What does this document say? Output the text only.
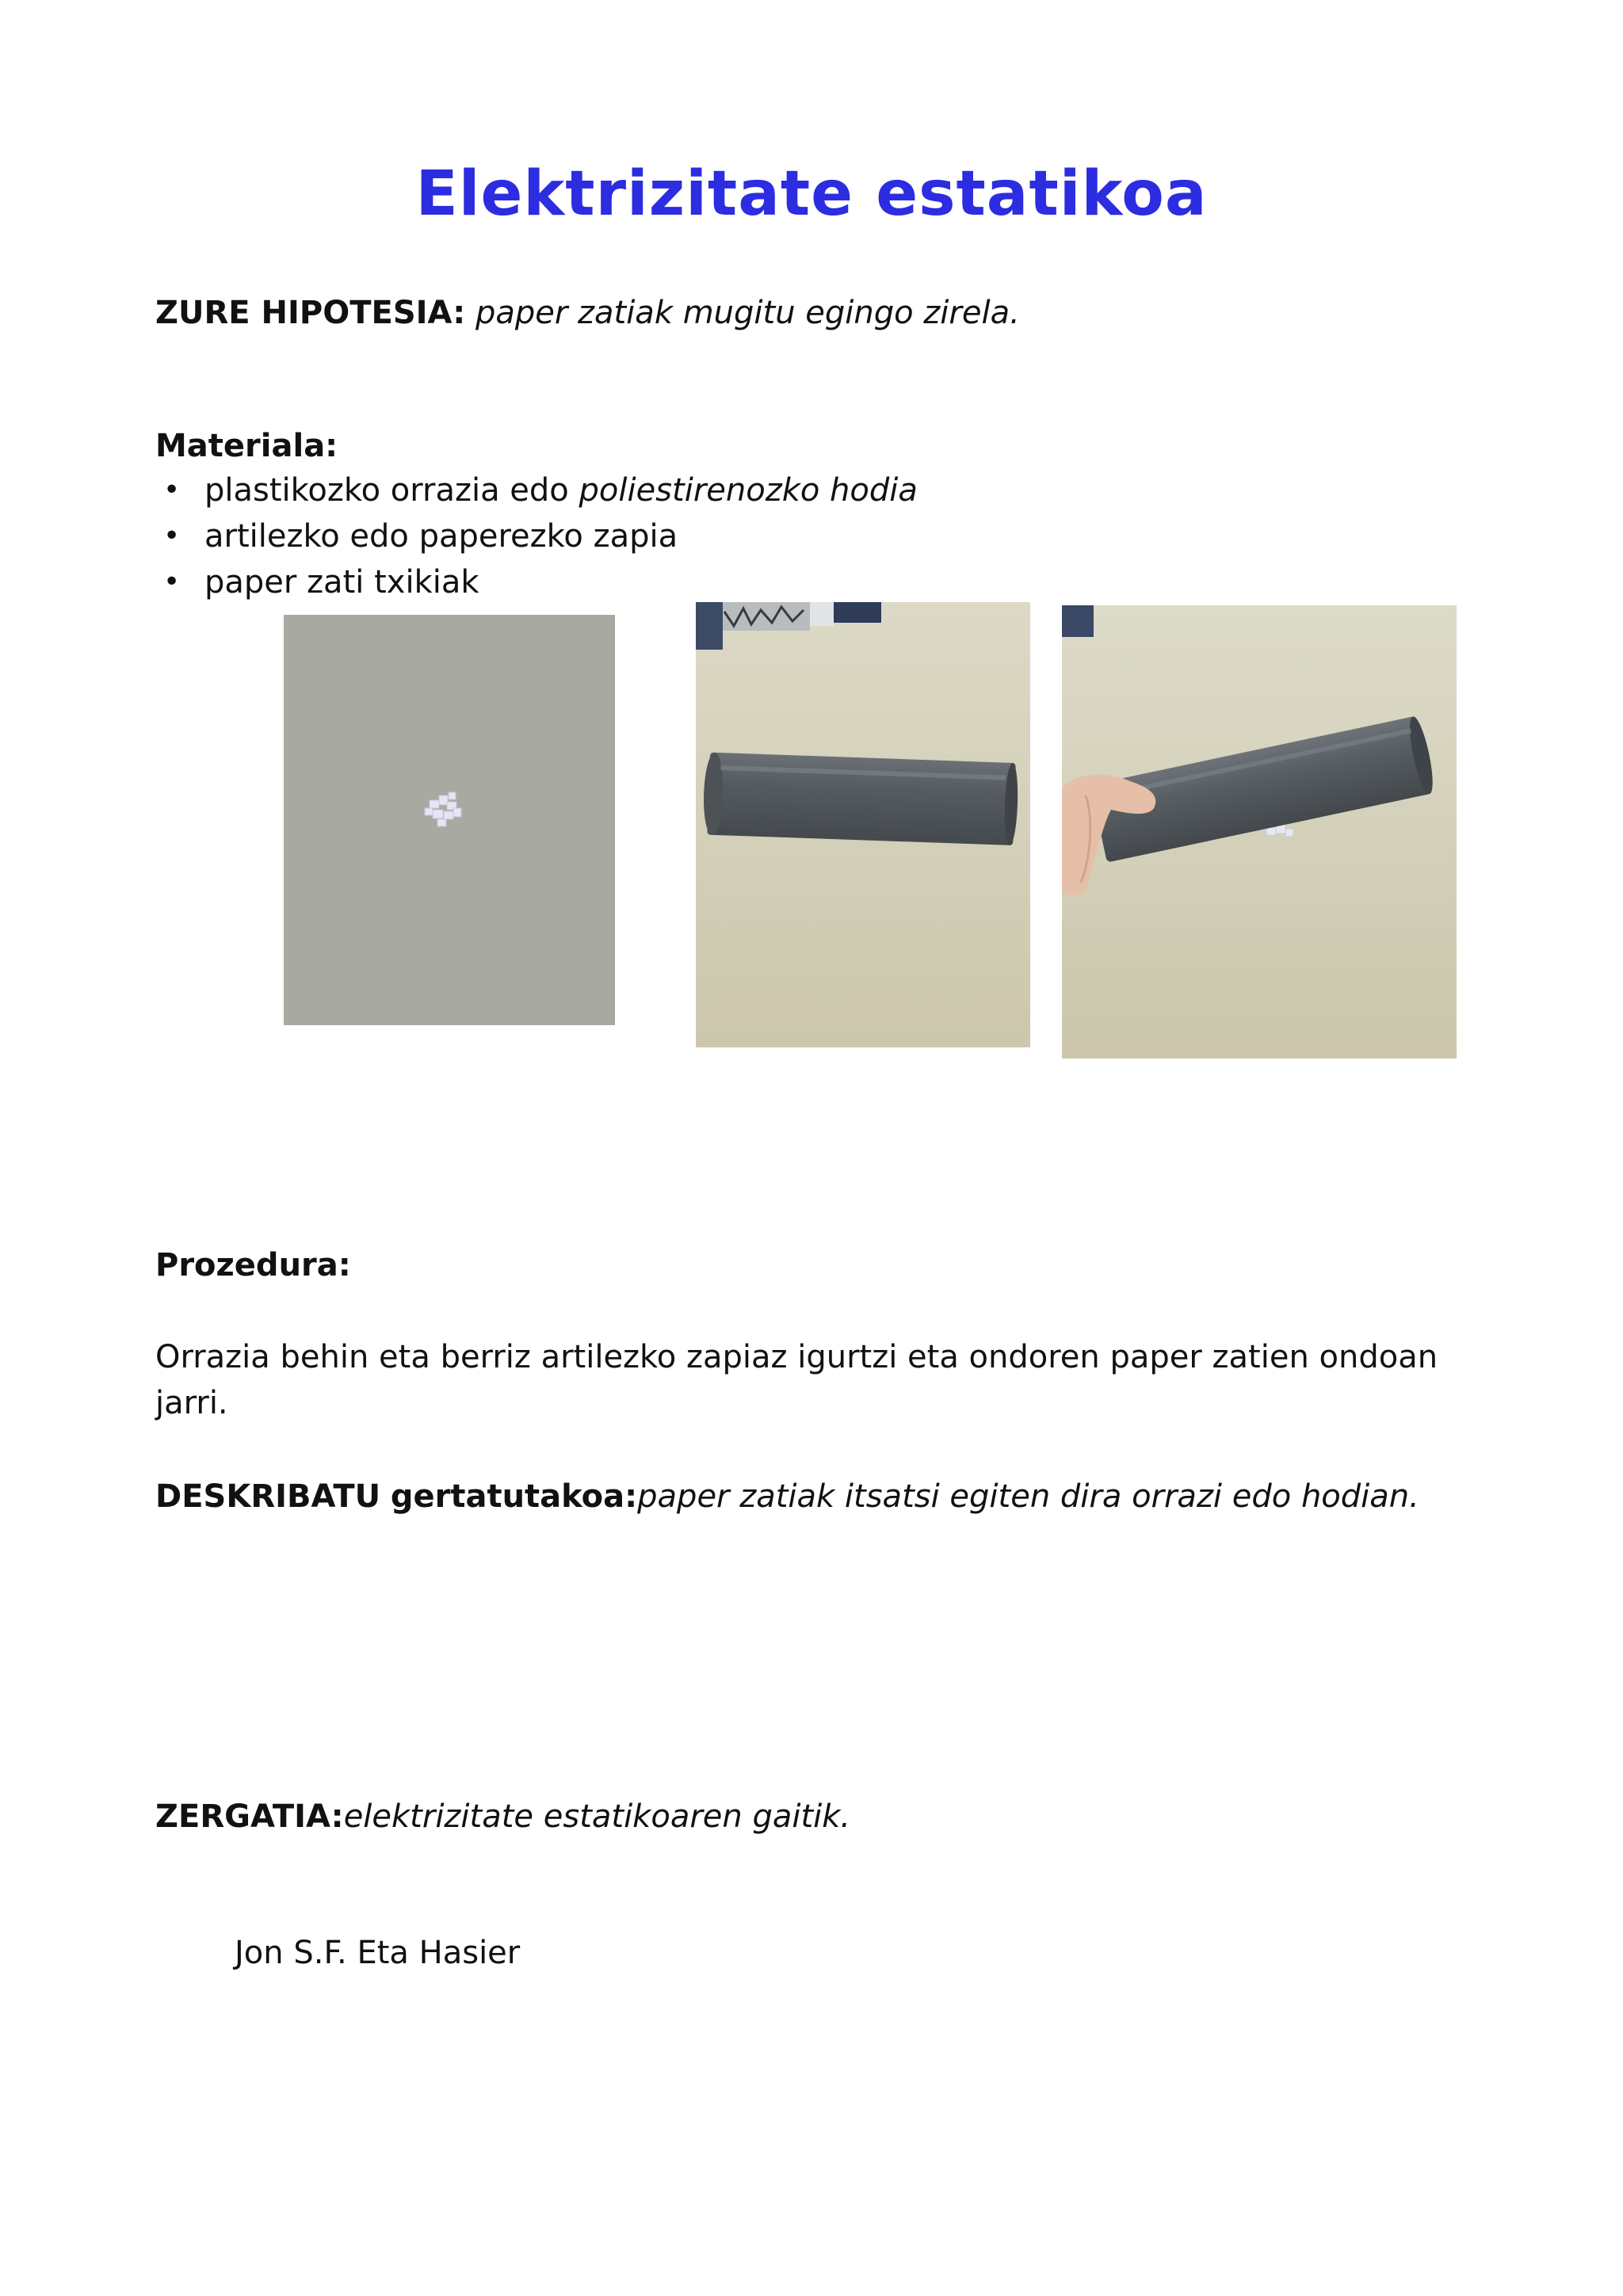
Elektrizitate estatikoa
ZURE HIPOTESIA: paper zatiak mugitu egingo zirela.
Materiala:
• plastikozko orrazia edo poliestirenozko hodia
• artilezko edo paperezko zapia
• paper zati txikiak
Prozedura:
Orrazia behin eta berriz artilezko zapiaz igurtzi eta ondoren paper zatien ondoan
jarri.
DESKRIBATU gertatutakoa:paper zatiak itsatsi egiten dira orrazi edo hodian.
ZERGATIA:elektrizitate estatikoaren gaitik.
Jon S.F. Eta Hasier
